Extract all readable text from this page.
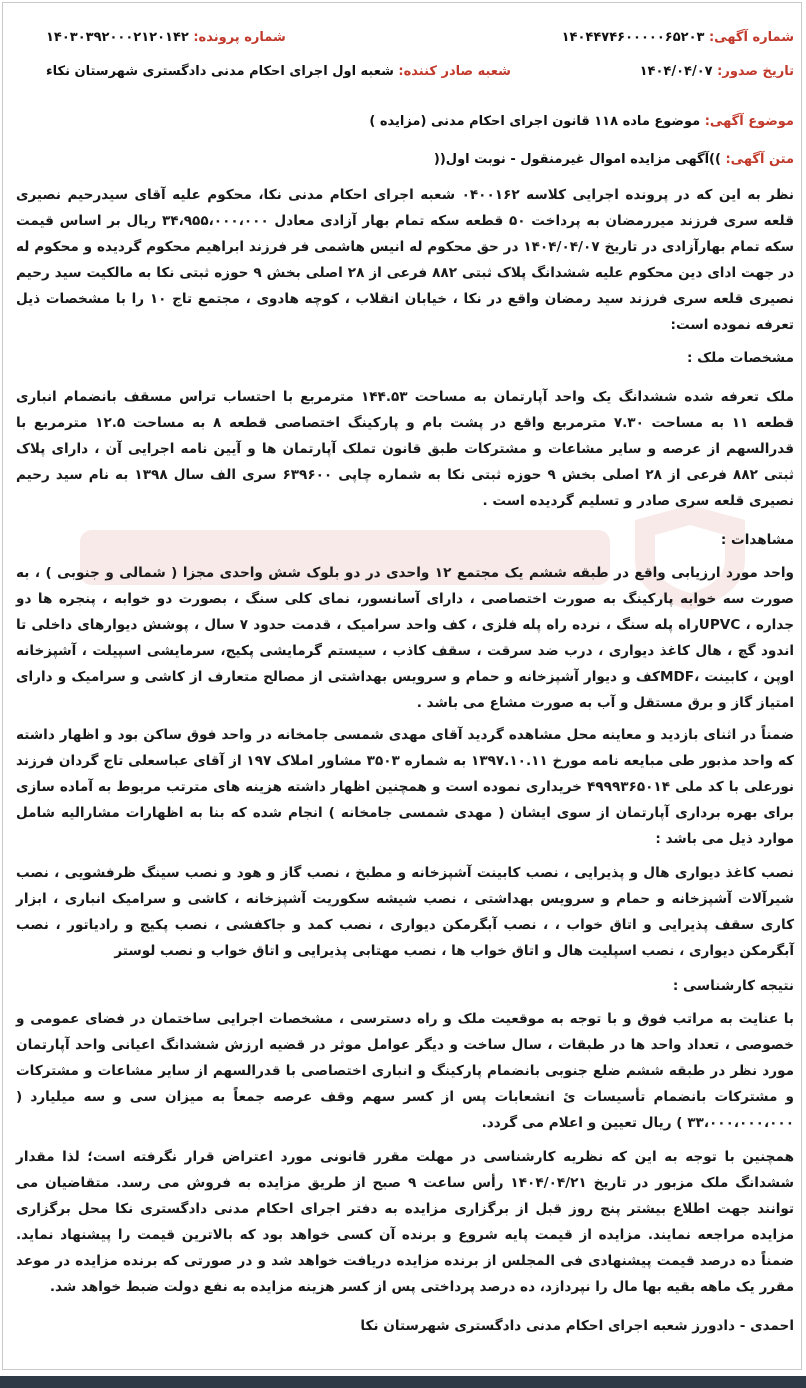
شماره آگهی: ۱۴۰۴۴۷۴۶۰۰۰۰۰۶۵۲۰۳
شماره پرونده: ۱۴۰۳۰۳۹۲۰۰۰۲۱۲۰۱۴۲
تاریخ صدور: ۱۴۰۴/۰۴/۰۷
شعبه صادر کننده: شعبه اول اجرای احکام مدنی دادگستری شهرستان نکاء
موضوع آگهی: موضوع ماده ۱۱۸ قانون اجرای احکام مدنی (مزایده )
متن آگهی: ))آگهی مزایده اموال غیرمنقول - نوبت اول((

نظر به این که در پرونده اجرایی کلاسه ۰۴۰۰۱۶۲ شعبه اجرای احکام مدنی نکا، محکوم علیه آقای سیدرحیم نصیری قلعه سری فرزند میررمضان به پرداخت ۵۰ قطعه سکه تمام بهار آزادی معادل ۳۴،۹۵۵،۰۰۰،۰۰۰ ریال بر اساس قیمت سکه تمام بهارآزادی در تاریخ ۱۴۰۴/۰۴/۰۷ در حق محکوم له انیس هاشمی فر فرزند ابراهیم محکوم گردیده و محکوم له در جهت ادای دین محکوم علیه ششدانگ پلاک ثبتی ۸۸۲ فرعی از ۲۸ اصلی بخش ۹ حوزه ثبتی نکا به مالکیت سید رحیم نصیری قلعه سری فرزند سید رمضان واقع در نکا ، خیابان انقلاب ، کوچه هادوی ، مجتمع تاج ۱۰ را با مشخصات ذیل تعرفه نموده است:

مشخصات ملک :

ملک تعرفه شده ششدانگ یک واحد آپارتمان به مساحت ۱۴۴.۵۳ مترمربع با احتساب تراس مسقف بانضمام انباری قطعه ۱۱ به مساحت ۷.۳۰ مترمربع واقع در پشت بام و پارکینگ اختصاصی قطعه ۸ به مساحت ۱۲.۵ مترمربع با قدرالسهم از عرصه و سایر مشاعات و مشترکات طبق قانون تملک آپارتمان ها و آیین نامه اجرایی آن ، دارای پلاک ثبتی ۸۸۲ فرعی از ۲۸ اصلی بخش ۹ حوزه ثبتی نکا به شماره چاپی ۶۳۹۶۰۰ سری الف سال ۱۳۹۸ به نام سید رحیم نصیری قلعه سری صادر و تسلیم گردیده است .

مشاهدات :

واحد مورد ارزیابی واقع در طبقه ششم یک مجتمع ۱۲ واحدی در دو بلوک شش واحدی مجزا ( شمالی و جنوبی ) ، به صورت سه خوابه پارکینگ به صورت اختصاصی ، دارای آسانسور، نمای کلی سنگ ، بصورت دو خوابه ، پنجره ها دو جداره ، UPVCراه پله سنگ ، نرده راه پله فلزی ، کف واحد سرامیک ، قدمت حدود ۷ سال ، پوشش دیوارهای داخلی تا اندود گچ ، هال کاغذ دیواری ، درب ضد سرقت ، سقف کاذب ، سیستم گرمایشی پکیج، سرمایشی اسپیلت ، آشپزخانه اوپن ، کابینت ،MDFکف و دیوار آشپزخانه و حمام و سرویس بهداشتی از مصالح متعارف از کاشی و سرامیک و دارای امتیاز گاز و برق مستقل و آب به صورت مشاع می باشد .

ضمناً در اثنای بازدید و معاینه محل مشاهده گردید آقای مهدی شمسی جامخانه در واحد فوق ساکن بود و اظهار داشته که واحد مذبور طی مبایعه نامه مورخ ۱۳۹۷.۱۰.۱۱ به شماره ۳۵۰۳ مشاور املاک ۱۹۷ از آقای عباسعلی تاج گردان فرزند نورعلی با کد ملی ۴۹۹۹۳۶۵۰۱۴ خریداری نموده است و همچنین اظهار داشته هزینه های مترتب مربوط به آماده سازی برای بهره برداری آپارتمان از سوی ایشان ( مهدی شمسی جامخانه ) انجام شده که بنا به اظهارات مشارالیه شامل موارد ذیل می باشد :

نصب کاغذ دیواری هال و پذیرایی ، نصب کابینت آشپزخانه و مطبخ ، نصب گاز و هود و نصب سینگ ظرفشویی ، نصب شیرآلات آشپزخانه و حمام و سرویس بهداشتی ، نصب شیشه سکوریت آشپزخانه ، کاشی و سرامیک انباری ، ابزار کاری سقف پذیرایی و اتاق خواب ، ، نصب آبگرمکن دیواری ، نصب کمد و جاکفشی ، نصب پکیج و رادیاتور ، نصب آبگرمکن دیواری ، نصب اسپلیت هال و اتاق خواب ها ، نصب مهتابی پذیرایی و اتاق خواب و نصب لوستر

نتیجه کارشناسی :

با عنایت به مراتب فوق و با توجه به موقعیت ملک و راه دسترسی ، مشخصات اجرایی ساختمان در فضای عمومی و خصوصی ، تعداد واحد ها در طبقات ، سال ساخت و دیگر عوامل موثر در قضیه ارزش ششدانگ اعیانی واحد آپارتمان مورد نظر در طبقه ششم ضلع جنوبی بانضمام پارکینگ و انباری اختصاصی با قدرالسهم از سایر مشاعات و مشترکات و مشترکات بانضمام تأسیسات ئ انشعابات پس از کسر سهم وقف عرصه جمعاً به میزان سی و سه میلیارد ( ۳۳،۰۰۰،۰۰۰،۰۰۰ ) ریال تعیین و اعلام می گردد.

همچنین با توجه به این که نظریه کارشناسی در مهلت مقرر قانونی مورد اعتراض قرار نگرفته است؛ لذا مقدار ششدانگ ملک مزبور در تاریخ ۱۴۰۴/۰۴/۲۱ رأس ساعت ۹ صبح از طریق مزایده به فروش می رسد. متقاضیان می توانند جهت اطلاع بیشتر پنج روز قبل از برگزاری مزایده به دفتر اجرای احکام مدنی دادگستری نکا محل برگزاری مزایده مراجعه نمایند. مزایده از قیمت پایه شروع و برنده آن کسی خواهد بود که بالاترین قیمت را پیشنهاد نماید. ضمناً ده درصد قیمت پیشنهادی فی المجلس از برنده مزایده دریافت خواهد شد و در صورتی که برنده مزایده در موعد مقرر یک ماهه بقیه بها مال را نپردازد، ده درصد پرداختی پس از کسر هزینه مزایده به نفع دولت ضبط خواهد شد.

احمدی - دادورز شعبه اجرای احکام مدنی دادگستری شهرستان نکا
